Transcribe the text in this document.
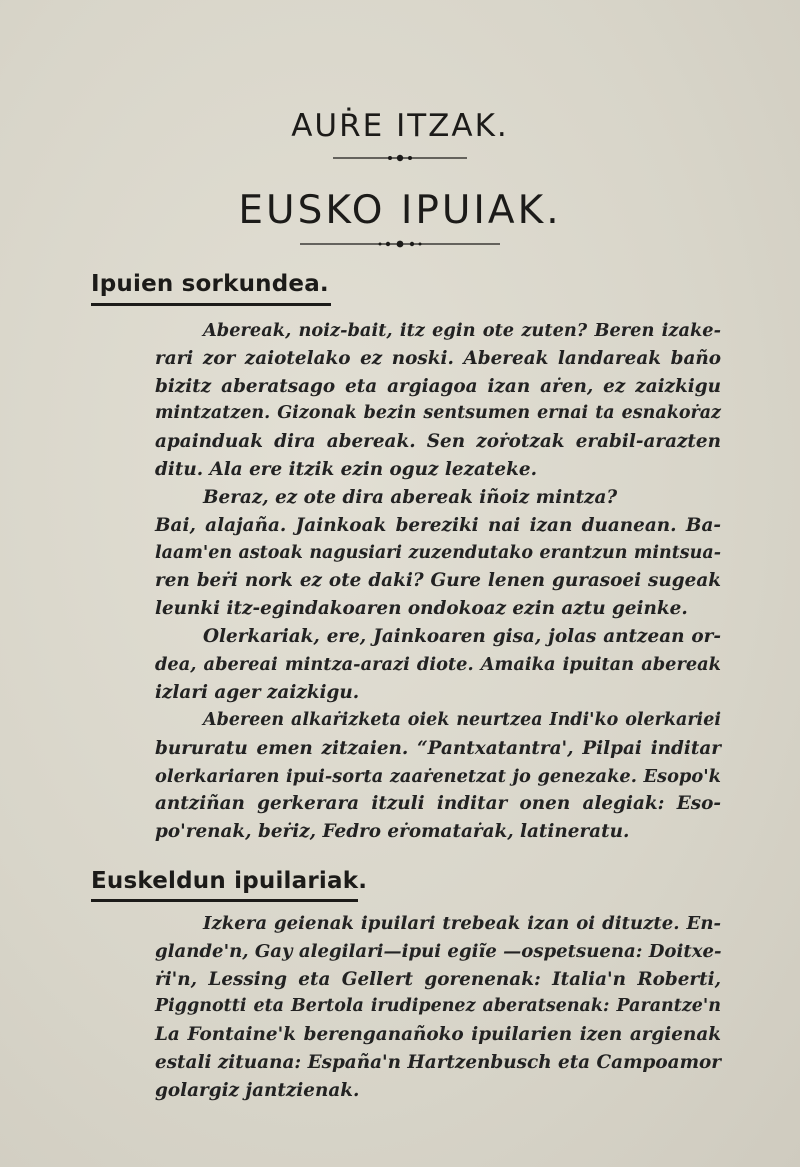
AUṘE ITZAK.
EUSKO IPUIAK.
Ipuien sorkundea.
Abereak, noiz-bait, itz egin ote zuten? Beren izake-
rari zor zaiotelako ez noski. Abereak landareak baño
bizitz aberatsago eta argiagoa izan aṙen, ez zaizkigu
mintzatzen. Gizonak bezin sentsumen ernai ta esnakoṙaz
apainduak dira abereak. Sen zoṙotzak erabil-arazten
ditu. Ala ere itzik ezin oguz lezateke.
Beraz, ez ote dira abereak iñoiz mintza?
Bai, alajaña. Jainkoak bereziki nai izan duanean. Ba-
laam'en astoak nagusiari zuzendutako erantzun mintsua-
ren beṙi nork ez ote daki? Gure lenen gurasoei sugeak
leunki itz-egindakoaren ondokoaz ezin aztu geinke.
Olerkariak, ere, Jainkoaren gisa, jolas antzean or-
dea, abereai mintza-arazi diote. Amaika ipuitan abereak
izlari ager zaizkigu.
Abereen alkaṙizketa oiek neurtzea Indi'ko olerkariei
bururatu emen zitzaien. “Pantxatantra', Pilpai inditar
olerkariaren ipui-sorta zaaṙenetzat jo genezake. Esopo'k
antziñan gerkerara itzuli inditar onen alegiak: Eso-
po'renak, beṙiz, Fedro eṙomataṙak, latineratu.
Euskeldun ipuilariak.
Izkera geienak ipuilari trebeak izan oi dituzte. En-
glande'n, Gay alegilari—ipui egiĩe —ospetsuena: Doitxe-
ṙi'n, Lessing eta Gellert gorenenak: Italia'n Roberti,
Piggnotti eta Bertola irudipenez aberatsenak: Parantze'n
La Fontaine'k berenganañoko ipuilarien izen argienak
estali zituana: España'n Hartzenbusch eta Campoamor
golargiz jantzienak.
